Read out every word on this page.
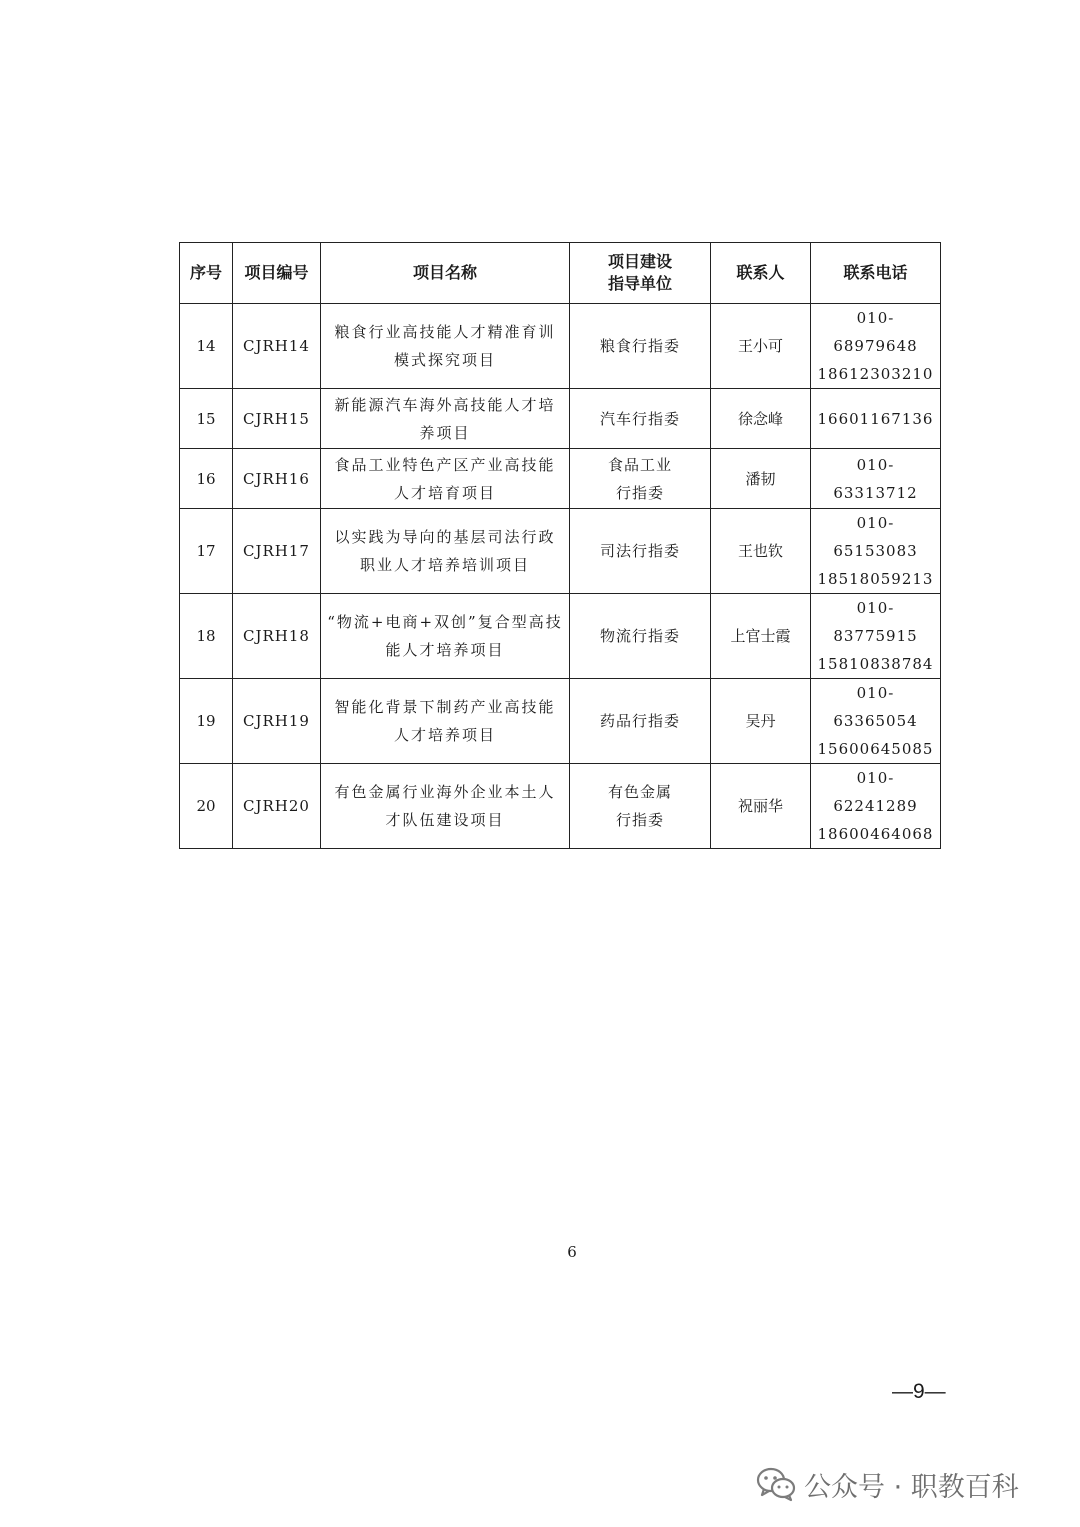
序号	项目编号	项目名称	项目建设
指导单位	联系人	联系电话
14	CJRH14	粮食行业高技能人才精准育训
模式探究项目	粮食行指委	王小可	010-68979648
18612303210

15	CJRH15	新能源汽车海外高技能人才培
养项目	汽车行指委	徐念峰	16601167136

16	CJRH16	食品工业特色产区产业高技能
人才培育项目	食品工业
行指委	潘韧	010-63313712

17	CJRH17	以实践为导向的基层司法行政
职业人才培养培训项目	司法行指委	王也钦	010-65153083
18518059213

18	CJRH18	“物流+电商+双创”复合型高技
能人才培养项目	物流行指委	上官士霞	010-83775915
15810838784

19	CJRH19	智能化背景下制药产业高技能
人才培养项目	药品行指委	吴丹	010-63365054
15600645085

20	CJRH20	有色金属行业海外企业本土人
才队伍建设项目	有色金属
行指委	祝丽华	010-62241289
18600464068
6
—9—
公众号 · 职教百科
